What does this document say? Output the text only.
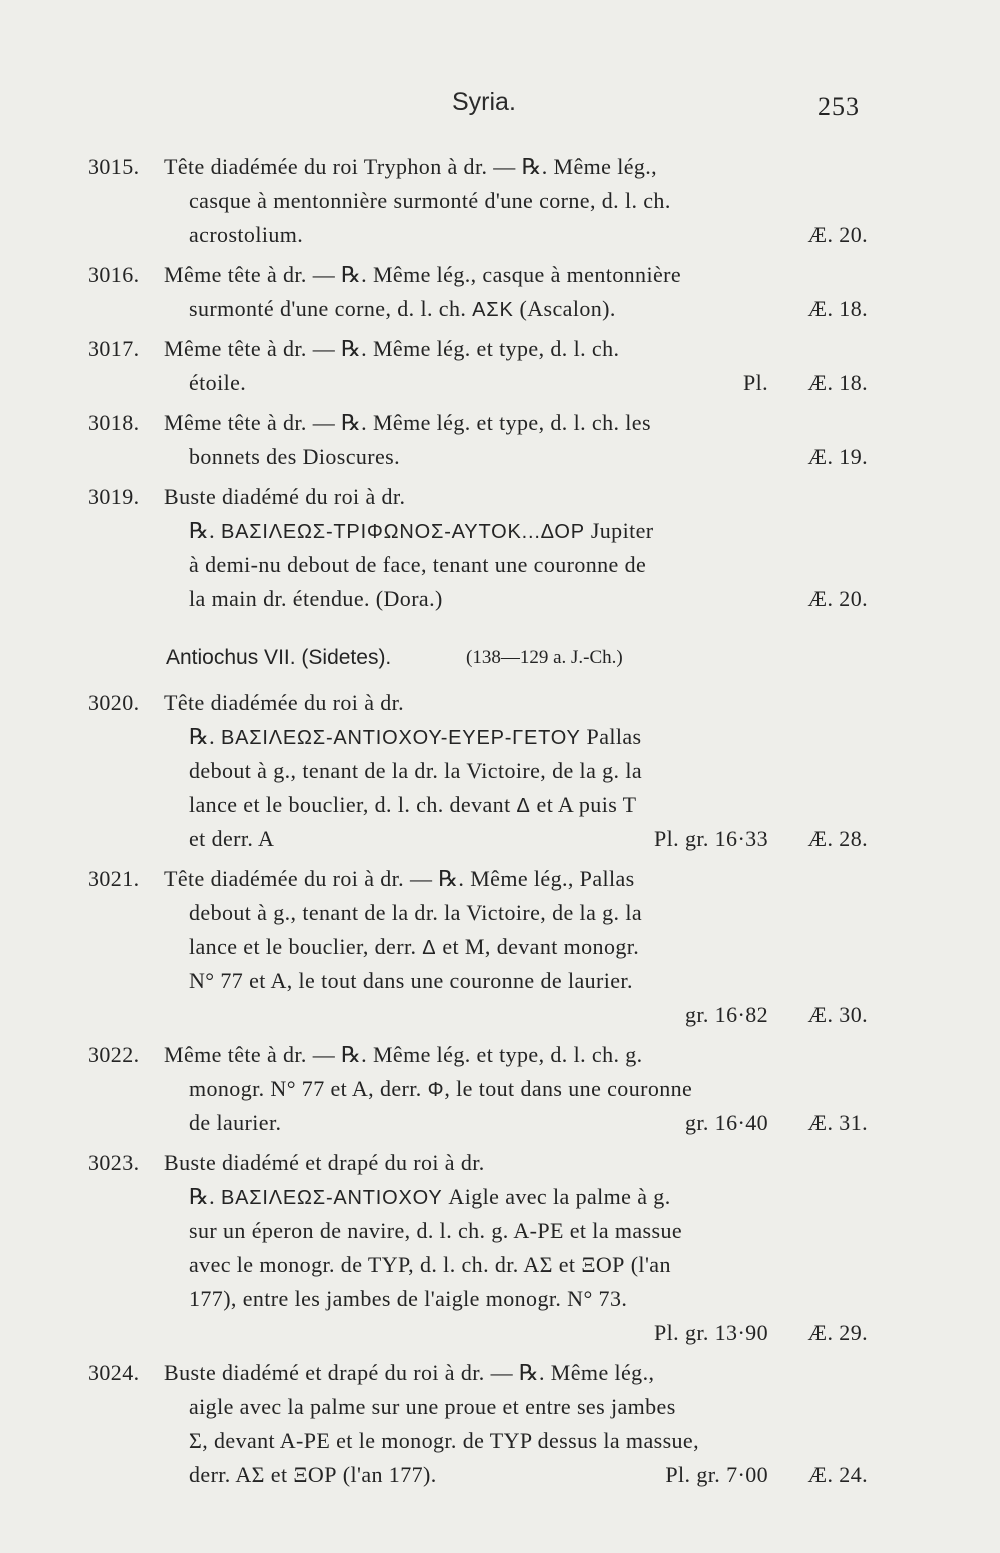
Syria.	253
3015. Tête diadémée du roi Tryphon à dr. — ℞. Même lég.,
casque à mentonnière surmonté d'une corne, d. l. ch.
acrostolium.	Æ. 20.
3016. Même tête à dr. — ℞. Même lég., casque à mentonnière
surmonté d'une corne, d. l. ch. ΑΣΚ (Ascalon).	Æ. 18.
3017. Même tête à dr. — ℞. Même lég. et type, d. l. ch.
étoile.	Pl.	Æ. 18.
3018. Même tête à dr. — ℞. Même lég. et type, d. l. ch. les
bonnets des Dioscures.	Æ. 19.
3019. Buste diadémé du roi à dr.
℞. ΒΑΣΙΛΕΩΣ-ΤΡΙΦΩΝΟΣ-ΑΥΤΟΚ...ΔΟΡ Jupiter
à demi-nu debout de face, tenant une couronne de
la main dr. étendue. (Dora.)	Æ. 20.
Antiochus VII. (Sidetes).	(138—129 a. J.-Ch.)
3020. Tête diadémée du roi à dr.
℞. ΒΑΣΙΛΕΩΣ-ΑΝΤΙΟΧΟΥ-ΕΥΕΡ-ΓΕΤΟΥ Pallas
debout à g., tenant de la dr. la Victoire, de la g. la
lance et le bouclier, d. l. ch. devant Δ et A puis T
et derr. A	Pl. gr. 16·33	Æ. 28.
3021. Tête diadémée du roi à dr. — ℞. Même lég., Pallas
debout à g., tenant de la dr. la Victoire, de la g. la
lance et le bouclier, derr. Δ et M, devant monogr.
N° 77 et A, le tout dans une couronne de laurier.
gr. 16·82	Æ. 30.
3022. Même tête à dr. — ℞. Même lég. et type, d. l. ch. g.
monogr. N° 77 et A, derr. Φ, le tout dans une couronne
de laurier.	gr. 16·40	Æ. 31.
3023. Buste diadémé et drapé du roi à dr.
℞. ΒΑΣΙΛΕΩΣ-ΑΝΤΙΟΧΟΥ Aigle avec la palme à g.
sur un éperon de navire, d. l. ch. g. A-PE et la massue
avec le monogr. de TYP, d. l. ch. dr. AΣ et ΞΟΡ (l'an
177), entre les jambes de l'aigle monogr. N° 73.
Pl. gr. 13·90	Æ. 29.
3024. Buste diadémé et drapé du roi à dr. — ℞. Même lég.,
aigle avec la palme sur une proue et entre ses jambes
Σ, devant A-PE et le monogr. de TYP dessus la massue,
derr. AΣ et ΞΟΡ (l'an 177).	Pl. gr. 7·00	Æ. 24.
